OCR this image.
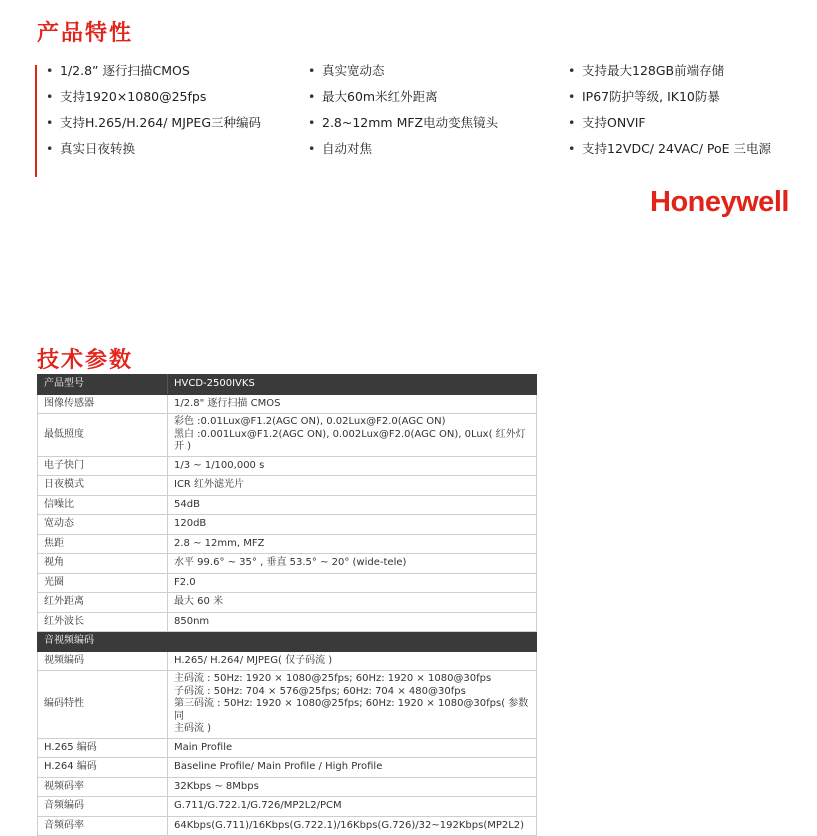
产品特性
• 1/2.8” 逐行扫描CMOS
• 支持1920×1080@25fps
• 支持H.265/H.264/ MJPEG三种编码
• 真实日夜转换
• 真实宽动态
• 最大60m米红外距离
• 2.8~12mm MFZ电动变焦镜头
• 自动对焦
• 支持最大128GB前端存储
• IP67防护等级, IK10防暴
• 支持ONVIF
• 支持12VDC/ 24VAC/ PoE 三电源
Honeywell
技术参数
产品型号	HVCD-2500IVKS
图像传感器	1/2.8" 逐行扫描 CMOS

最低照度	彩色 :0.01Lux@F1.2(AGC ON), 0.02Lux@F2.0(AGC ON)
黑白 :0.001Lux@F1.2(AGC ON), 0.002Lux@F2.0(AGC ON), 0Lux( 红外灯开 )

电子快门	1/3 ~ 1/100,000 s

日夜模式	ICR 红外滤光片

信噪比	54dB

宽动态	120dB

焦距	2.8 ~ 12mm, MFZ

视角	水平 99.6° ~ 35° , 垂直 53.5° ~ 20° (wide-tele)

光圈	F2.0

红外距离	最大 60 米

红外波长	850nm

音视频编码	
视频编码	H.265/ H.264/ MJPEG( 仅子码流 )

编码特性	主码流 : 50Hz: 1920 × 1080@25fps; 60Hz: 1920 × 1080@30fps
子码流 : 50Hz: 704 × 576@25fps; 60Hz: 704 × 480@30fps
第三码流 : 50Hz: 1920 × 1080@25fps; 60Hz: 1920 × 1080@30fps( 参数同
主码流 )

H.265 编码	Main Profile

H.264 编码	Baseline Profile/ Main Profile / High Profile

视频码率	32Kbps ~ 8Mbps

音频编码	G.711/G.722.1/G.726/MP2L2/PCM

音频码率	64Kbps(G.711)/16Kbps(G.722.1)/16Kbps(G.726)/32~192Kbps(MP2L2)
